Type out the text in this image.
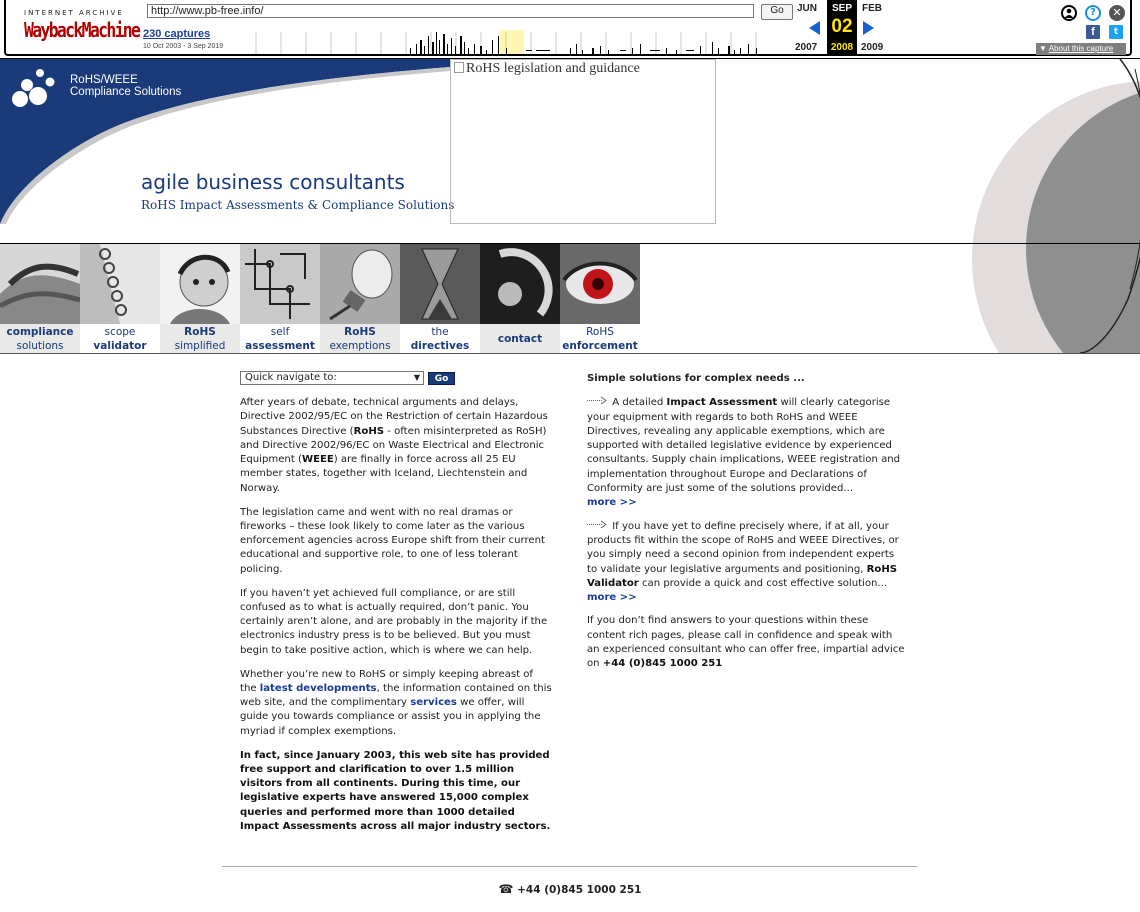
INTERNET ARCHIVE
WaybackMachine
http://www.pb-free.info/	Go
230 captures
10 Oct 2003 - 3 Sep 2019
JUN	FEB
2007	2009
SEP
02
2008
?	✕
f	t
▼ About this capture
RoHS/WEEE
Compliance Solutions
agile business consultants
RoHS Impact Assessments & Compliance Solutions
RoHS legislation and guidance
compliance
solutions
scope
validator
RoHS
simplified
self
assessment
RoHS
exemptions
the
directives
contact
RoHS
enforcement
Quick navigate to:	▼	Go

After years of debate, technical arguments and delays, Directive 2002/95/EC on the Restriction of certain Hazardous Substances Directive (RoHS - often misinterpreted as RoSH) and Directive 2002/96/EC on Waste Electrical and Electronic Equipment (WEEE) are finally in force across all 25 EU member states, together with Iceland, Liechtenstein and Norway.

The legislation came and went with no real dramas or fireworks – these look likely to come later as the various enforcement agencies across Europe shift from their current educational and supportive role, to one of less tolerant policing.

If you haven’t yet achieved full compliance, or are still confused as to what is actually required, don’t panic. You certainly aren’t alone, and are probably in the majority if the electronics industry press is to be believed. But you must begin to take positive action, which is where we can help.

Whether you’re new to RoHS or simply keeping abreast of the latest developments, the information contained on this web site, and the complimentary services we offer, will guide you towards compliance or assist you in applying the myriad if complex exemptions.

In fact, since January 2003, this web site has provided free support and clarification to over 1.5 million visitors from all continents. During this time, our legislative experts have answered 15,000 complex queries and performed more than 1000 detailed Impact Assessments across all major industry sectors.

Simple solutions for complex needs ...

A detailed Impact Assessment will clearly categorise your equipment with regards to both RoHS and WEEE Directives, revealing any applicable exemptions, which are supported with detailed legislative evidence by experienced consultants. Supply chain implications, WEEE registration and implementation throughout Europe and Declarations of Conformity are just some of the solutions provided...
more >>

If you have yet to define precisely where, if at all, your products fit within the scope of RoHS and WEEE Directives, or you simply need a second opinion from independent experts to validate your legislative arguments and positioning, RoHS Validator can provide a quick and cost effective solution...
more >>

If you don’t find answers to your questions within these content rich pages, please call in confidence and speak with an experienced consultant who can offer free, impartial advice on +44 (0)845 1000 251

☎ +44 (0)845 1000 251
